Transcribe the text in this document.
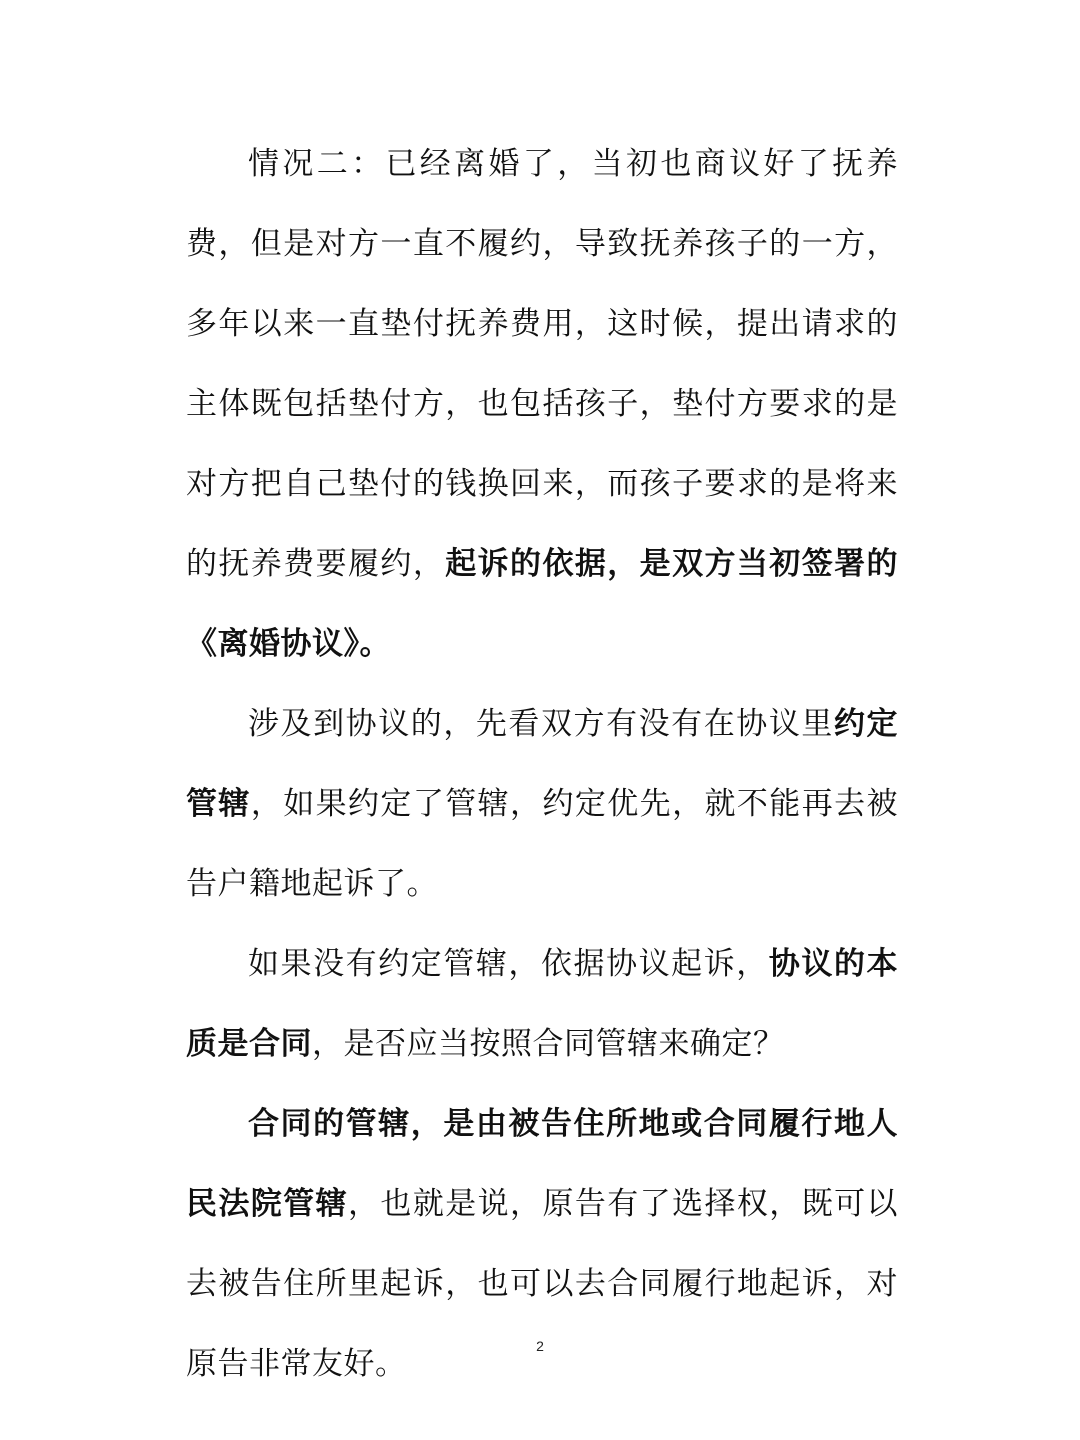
情况二：已经离婚了，当初也商议好了抚养费，但是对方一直不履约，导致抚养孩子的一方，多年以来一直垫付抚养费用，这时候，提出请求的主体既包括垫付方，也包括孩子，垫付方要求的是对方把自己垫付的钱换回来，而孩子要求的是将来的抚养费要履约，起诉的依据，是双方当初签署的《离婚协议》。

涉及到协议的，先看双方有没有在协议里约定管辖，如果约定了管辖，约定优先，就不能再去被告户籍地起诉了。

如果没有约定管辖，依据协议起诉，协议的本质是合同，是否应当按照合同管辖来确定？

合同的管辖，是由被告住所地或合同履行地人民法院管辖，也就是说，原告有了选择权，既可以去被告住所里起诉，也可以去合同履行地起诉，对原告非常友好。	2
